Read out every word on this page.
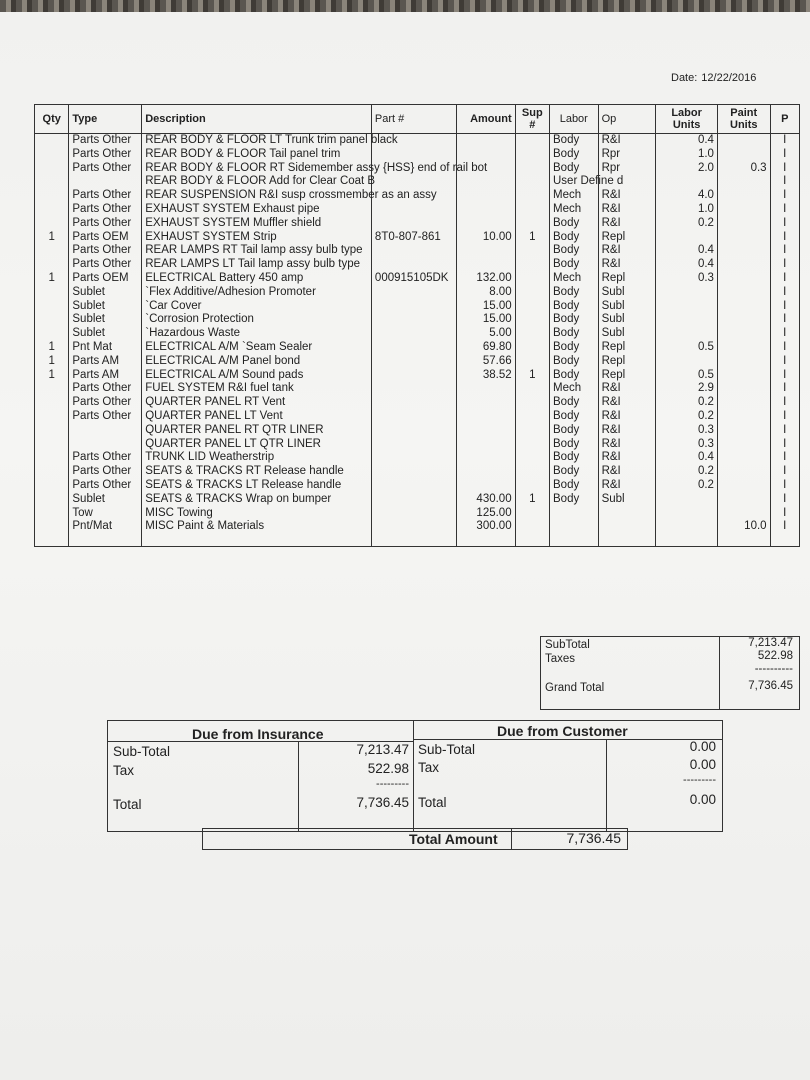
Date: 12/22/2016
Qty	Type	Description	Part #	Amount	Sup #	Labor	Op	Labor Units	Paint Units	P
	Parts Other	REAR BODY & FLOOR LT Trunk trim panel black				Body	R&I	0.4		I
	Parts Other	REAR BODY & FLOOR Tail panel trim				Body	Rpr	1.0		I
	Parts Other	REAR BODY & FLOOR RT Sidemember assy {HSS} end of rail bot				Body	Rpr	2.0	0.3	I
		REAR BODY & FLOOR Add for Clear Coat B				User Define d				I
	Parts Other	REAR SUSPENSION R&I susp crossmember as an assy				Mech	R&I	4.0		I
	Parts Other	EXHAUST SYSTEM Exhaust pipe				Mech	R&I	1.0		I
	Parts Other	EXHAUST SYSTEM Muffler shield				Body	R&I	0.2		I
1	Parts OEM	EXHAUST SYSTEM Strip	8T0-807-861	10.00	1	Body	Repl			I
	Parts Other	REAR LAMPS RT Tail lamp assy bulb type				Body	R&I	0.4		I
	Parts Other	REAR LAMPS LT Tail lamp assy bulb type				Body	R&I	0.4		I
1	Parts OEM	ELECTRICAL Battery 450 amp	000915105DK	132.00		Mech	Repl	0.3		I
	Sublet	`Flex Additive/Adhesion Promoter		8.00		Body	Subl			I
	Sublet	`Car Cover		15.00		Body	Subl			I
	Sublet	`Corrosion Protection		15.00		Body	Subl			I
	Sublet	`Hazardous Waste		5.00		Body	Subl			I
1	Pnt Mat	ELECTRICAL A/M `Seam Sealer		69.80		Body	Repl	0.5		I
1	Parts AM	ELECTRICAL A/M Panel bond		57.66		Body	Repl			I
1	Parts AM	ELECTRICAL A/M Sound pads		38.52	1	Body	Repl	0.5		I
	Parts Other	FUEL SYSTEM R&I fuel tank				Mech	R&I	2.9		I
	Parts Other	QUARTER PANEL RT Vent				Body	R&I	0.2		I
	Parts Other	QUARTER PANEL LT Vent				Body	R&I	0.2		I
		QUARTER PANEL RT QTR LINER				Body	R&I	0.3		I
		QUARTER PANEL LT QTR LINER				Body	R&I	0.3		I
	Parts Other	TRUNK LID Weatherstrip				Body	R&I	0.4		I
	Parts Other	SEATS & TRACKS RT Release handle				Body	R&I	0.2		I
	Parts Other	SEATS & TRACKS LT Release handle				Body	R&I	0.2		I
	Sublet	SEATS & TRACKS Wrap on bumper		430.00	1	Body	Subl			I
	Tow	MISC Towing		125.00						I
	Pnt/Mat	MISC Paint & Materials		300.00					10.0	I
SubTotal	7,213.47
Taxes	522.98
----------
Grand Total	7,736.45
Due from Insurance	Due from Customer
Sub-Total	7,213.47
Tax	522.98
---------
Total	7,736.45
Sub-Total	0.00
Tax	0.00
---------
Total	0.00
Total Amount	7,736.45
